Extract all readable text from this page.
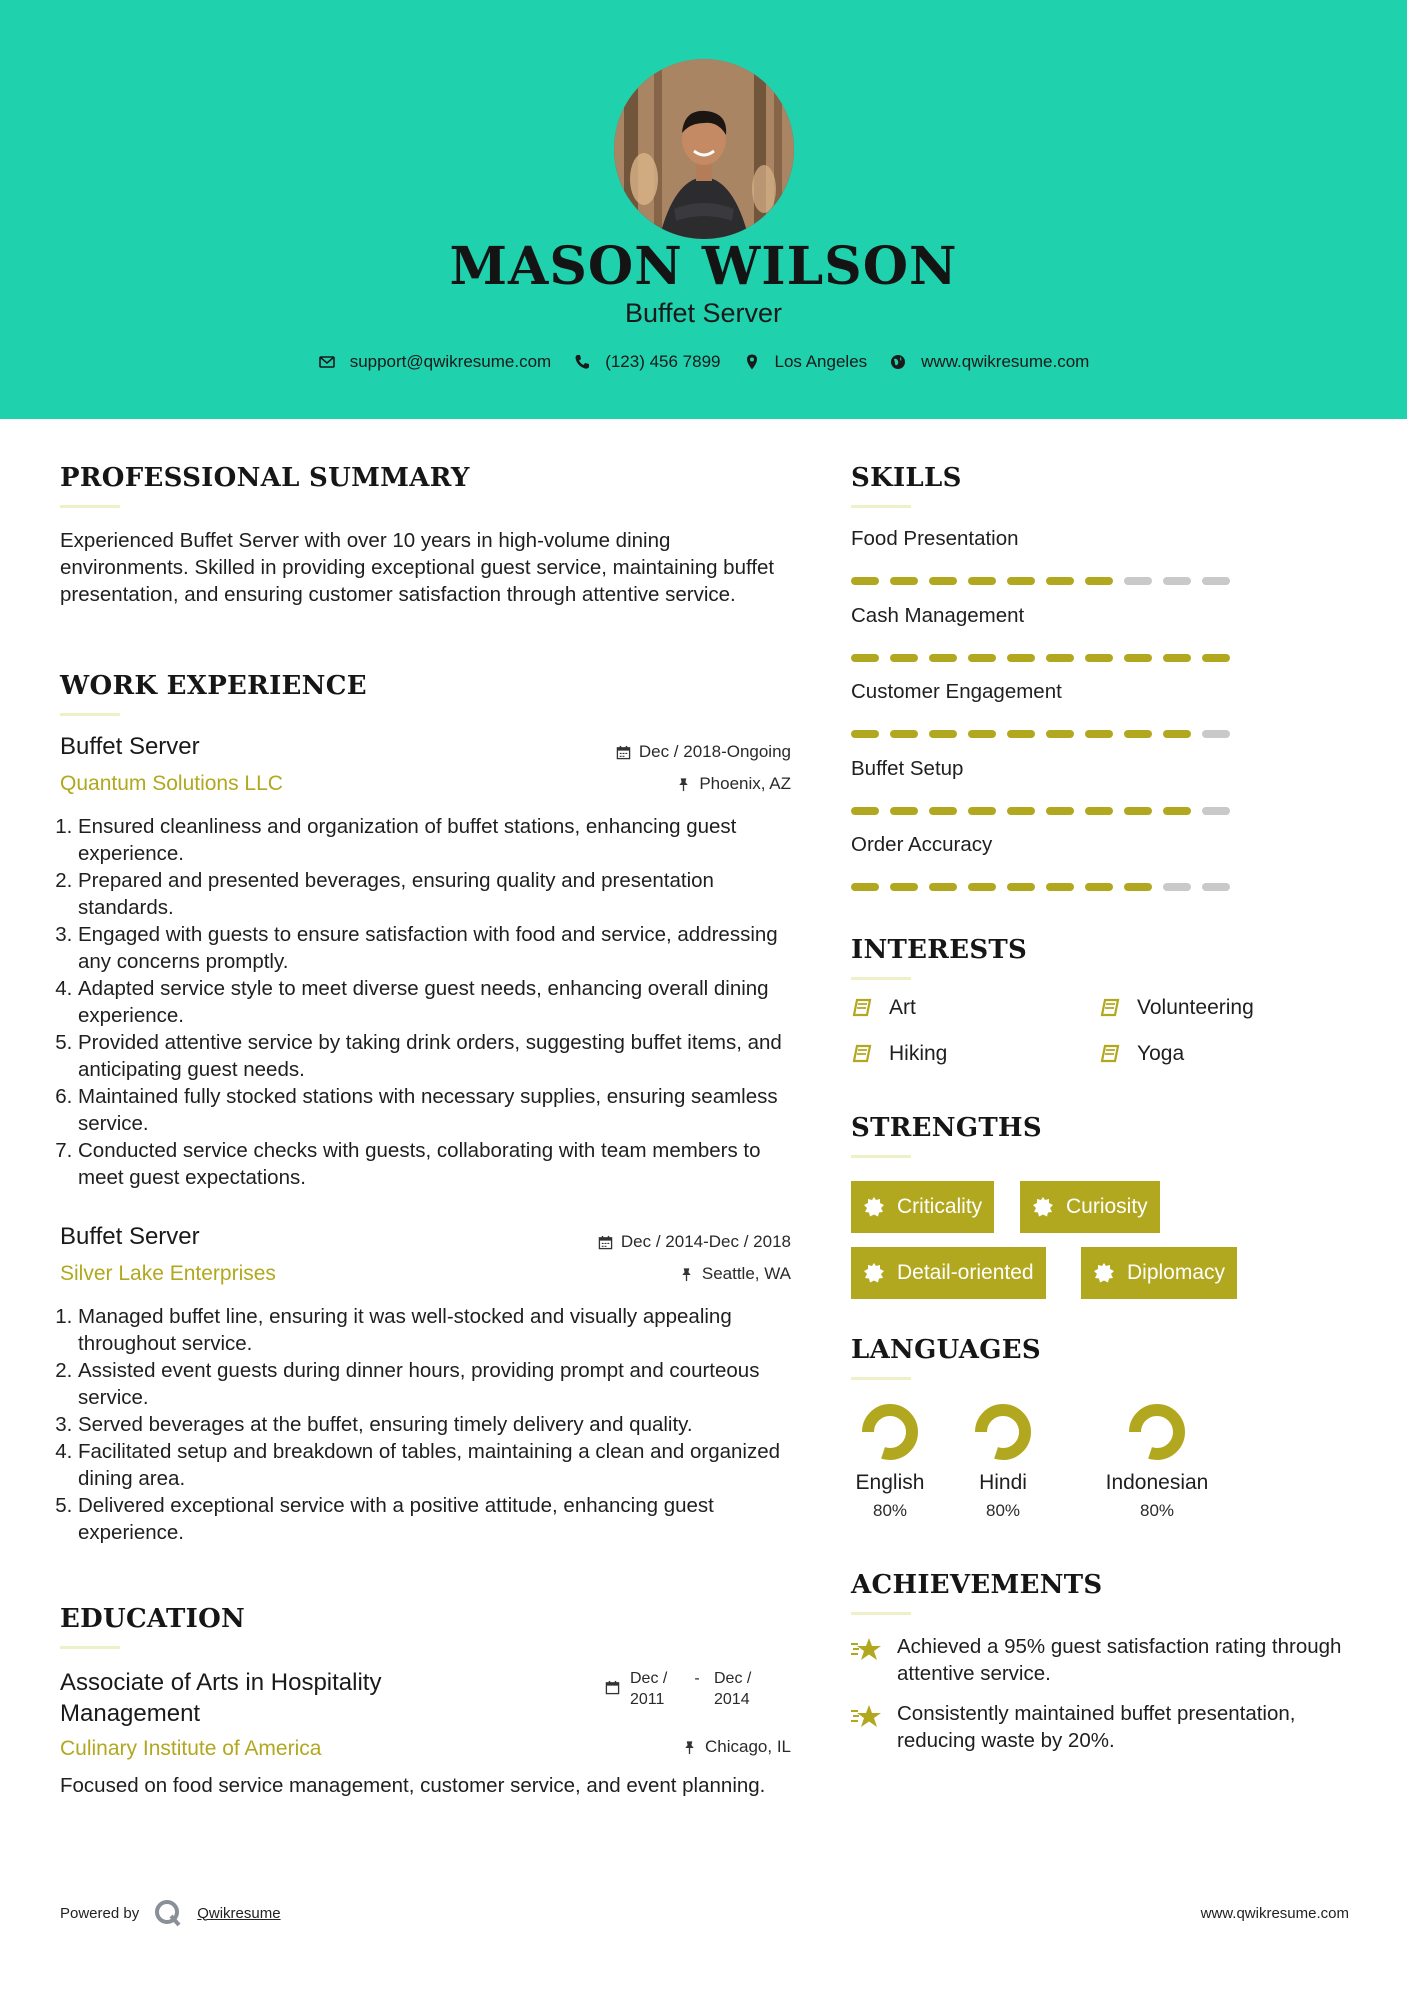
MASON WILSON
Buffet Server
support@qwikresume.com	(123) 456 7899	Los Angeles	www.qwikresume.com
PROFESSIONAL SUMMARY
Experienced Buffet Server with over 10 years in high-volume dining environments. Skilled in providing exceptional guest service, maintaining buffet presentation, and ensuring customer satisfaction through attentive service.
WORK EXPERIENCE
Buffet Server
Quantum Solutions LLC
Dec / 2018-Ongoing
Phoenix, AZ
1. Ensured cleanliness and organization of buffet stations, enhancing guest experience.
2. Prepared and presented beverages, ensuring quality and presentation standards.
3. Engaged with guests to ensure satisfaction with food and service, addressing any concerns promptly.
4. Adapted service style to meet diverse guest needs, enhancing overall dining experience.
5. Provided attentive service by taking drink orders, suggesting buffet items, and anticipating guest needs.
6. Maintained fully stocked stations with necessary supplies, ensuring seamless service.
7. Conducted service checks with guests, collaborating with team members to meet guest expectations.
Buffet Server
Silver Lake Enterprises
Dec / 2014-Dec / 2018
Seattle, WA
1. Managed buffet line, ensuring it was well-stocked and visually appealing throughout service.
2. Assisted event guests during dinner hours, providing prompt and courteous service.
3. Served beverages at the buffet, ensuring timely delivery and quality.
4. Facilitated setup and breakdown of tables, maintaining a clean and organized dining area.
5. Delivered exceptional service with a positive attitude, enhancing guest experience.
EDUCATION
Associate of Arts in Hospitality Management
Dec / 2011
- Dec / 2014
Culinary Institute of America	Chicago, IL
Focused on food service management, customer service, and event planning.
SKILLS
Food Presentation
Cash Management
Customer Engagement
Buffet Setup
Order Accuracy
INTERESTS
Art	Volunteering
Hiking	Yoga
STRENGTHS
Criticality	Curiosity
Detail-oriented	Diplomacy
LANGUAGES
English
80%
Hindi
80%
Indonesian
80%
ACHIEVEMENTS
Achieved a 95% guest satisfaction rating through attentive service.
Consistently maintained buffet presentation, reducing waste by 20%.
Powered by	Qwikresume	www.qwikresume.com
